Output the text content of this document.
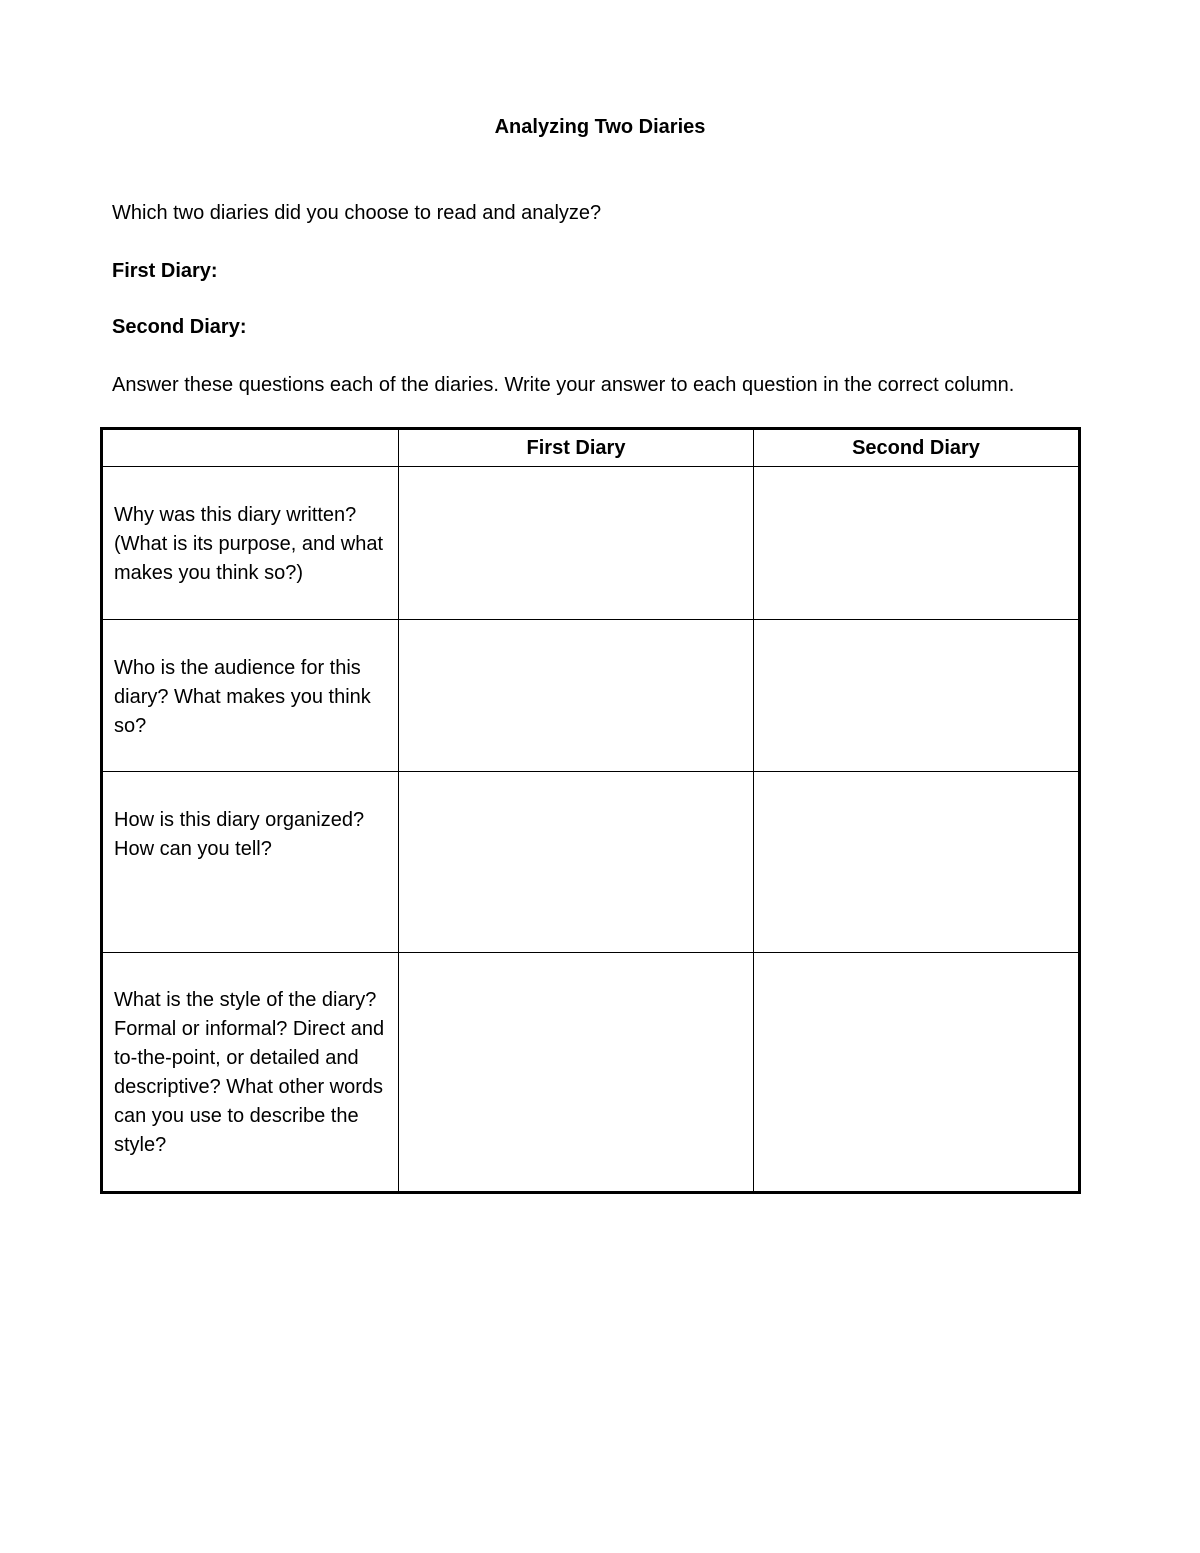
Analyzing Two Diaries
Which two diaries did you choose to read and analyze?
First Diary:
Second Diary:
Answer these questions each of the diaries. Write your answer to each question in the correct column.
	First Diary	Second Diary
Why was this diary written? (What is its purpose, and what makes you think so?)		
Who is the audience for this diary? What makes you think so?		
How is this diary organized? How can you tell?		
What is the style of the diary? Formal or informal? Direct and to-the-point, or detailed and descriptive? What other words can you use to describe the style?		
